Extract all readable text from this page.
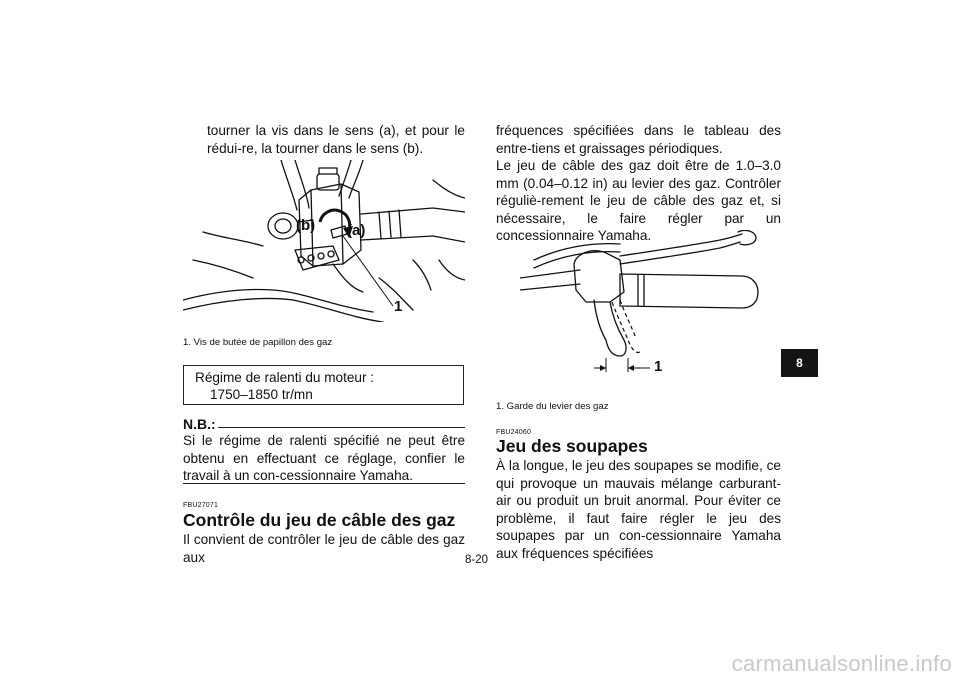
tourner la vis dans le sens (a), et pour le rédui-re, la tourner dans le sens (b).
(b) (a)
1
1. Vis de butée de papillon des gaz
Régime de ralenti du moteur :
1750–1850 tr/mn
N.B.:
Si le régime de ralenti spécifié ne peut être obtenu en effectuant ce réglage, confier le travail à un con-cessionnaire Yamaha.
FBU27071
Contrôle du jeu de câble des gaz
Il convient de contrôler le jeu de câble des gaz aux
fréquences spécifiées dans le tableau des entre-tiens et graissages périodiques.
Le jeu de câble des gaz doit être de 1.0–3.0 mm (0.04–0.12 in) au levier des gaz. Contrôler réguliè-rement le jeu de câble des gaz et, si nécessaire, le faire régler par un concessionnaire Yamaha.
1
1. Garde du levier des gaz
FBU24060
Jeu des soupapes
À la longue, le jeu des soupapes se modifie, ce qui provoque un mauvais mélange carburant-air ou produit un bruit anormal. Pour éviter ce problème, il faut faire régler le jeu des soupapes par un con-cessionnaire Yamaha aux fréquences spécifiées
8
8-20
carmanualsonline.info
